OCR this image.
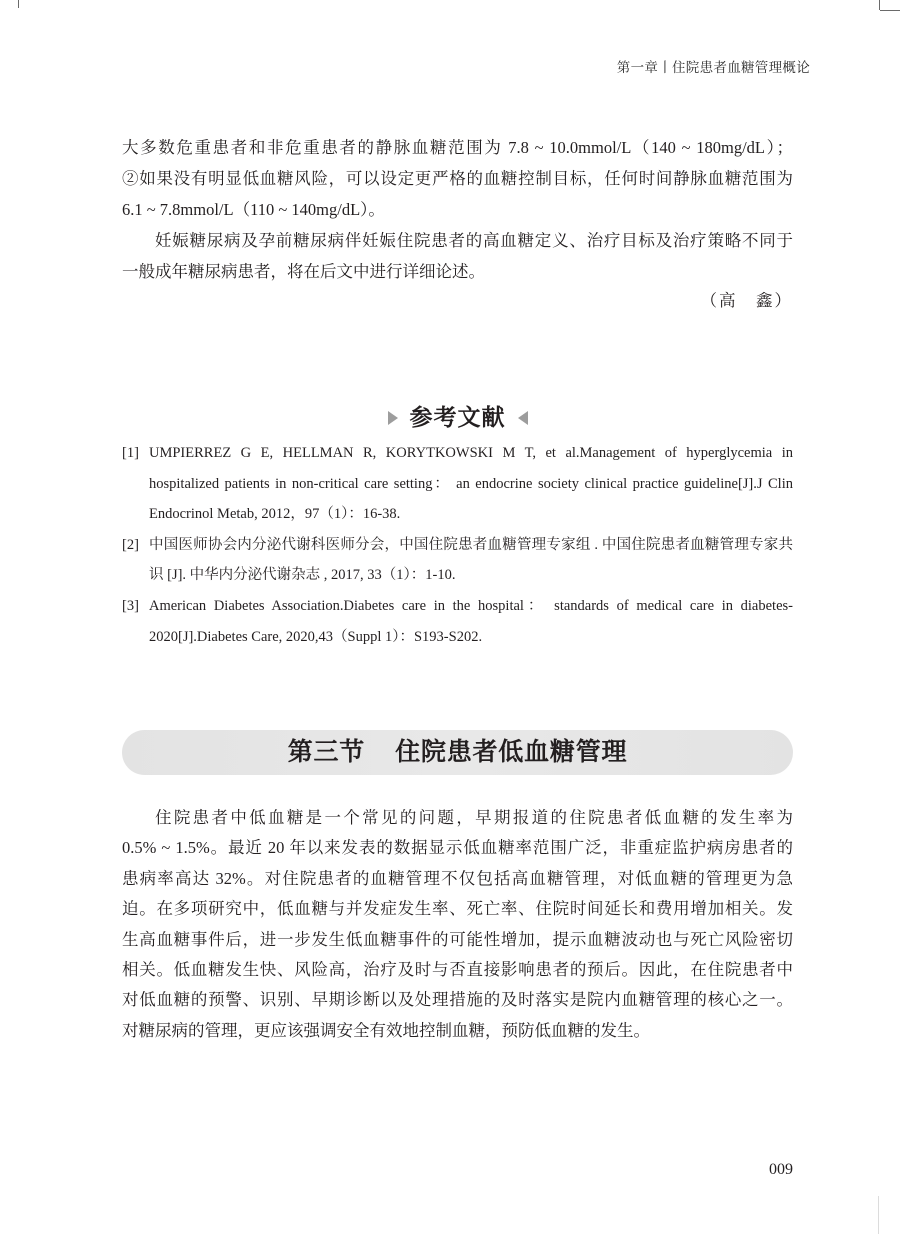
第一章丨住院患者血糖管理概论
大多数危重患者和非危重患者的静脉血糖范围为 7.8 ~ 10.0mmol/L（140 ~ 180mg/dL）；
②如果没有明显低血糖风险，可以设定更严格的血糖控制目标，任何时间静脉血糖范围为
6.1 ~ 7.8mmol/L（110 ~ 140mg/dL）。
妊娠糖尿病及孕前糖尿病伴妊娠住院患者的高血糖定义、治疗目标及治疗策略不同于
一般成年糖尿病患者，将在后文中进行详细论述。
（高　鑫）
参考文献
[1] UMPIERREZ G E, HELLMAN R, KORYTKOWSKI M T, et al.Management of hyperglycemia in
hospitalized patients in non-critical care setting： an endocrine society clinical practice guideline[J].J Clin
Endocrinol Metab, 2012，97（1）：16-38.
[2] 中国医师协会内分泌代谢科医师分会，中国住院患者血糖管理专家组 . 中国住院患者血糖管理专家共
识 [J]. 中华内分泌代谢杂志 , 2017, 33（1）：1-10.
[3] American Diabetes Association.Diabetes care in the hospital： standards of medical care in diabetes-
2020[J].Diabetes Care, 2020,43（Suppl 1）：S193-S202.
第三节 住院患者低血糖管理
住院患者中低血糖是一个常见的问题，早期报道的住院患者低血糖的发生率为
0.5% ~ 1.5%。最近 20 年以来发表的数据显示低血糖率范围广泛，非重症监护病房患者的
患病率高达 32%。对住院患者的血糖管理不仅包括高血糖管理，对低血糖的管理更为急
迫。在多项研究中，低血糖与并发症发生率、死亡率、住院时间延长和费用增加相关。发
生高血糖事件后，进一步发生低血糖事件的可能性增加，提示血糖波动也与死亡风险密切
相关。低血糖发生快、风险高，治疗及时与否直接影响患者的预后。因此，在住院患者中
对低血糖的预警、识别、早期诊断以及处理措施的及时落实是院内血糖管理的核心之一。
对糖尿病的管理，更应该强调安全有效地控制血糖，预防低血糖的发生。
009
